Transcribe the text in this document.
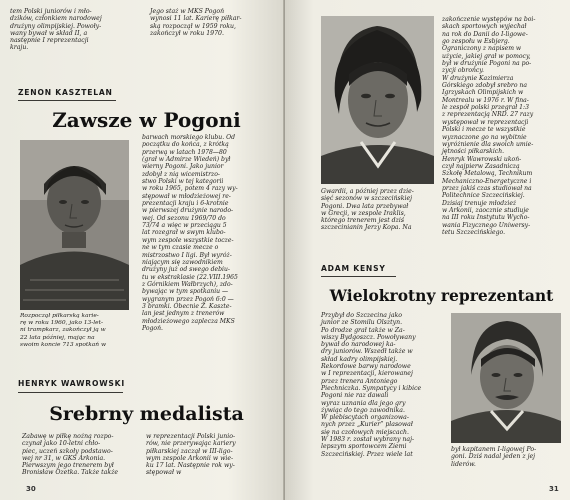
tem Polski juniorów i mło-
dzików, członkiem narodowej
drużyny olimpijskiej. Powoły-
wany bywał w skład II, a
następnie I reprezentacji
kraju.
Jego staż w MKS Pogoń
wynosi 11 lat. Karierę piłkar-
ską rozpoczął w 1959 roku,
zakończył w roku 1970.
ZENON KASZTELAN
Zawsze w Pogoni
Rozpoczął piłkarską karie-
rę w roku 1960, jako 13-let-
ni trampkarz, zakończył ją w
22 lata później, mając na
swoim koncie 713 spotkań w
barwach morskiego klubu. Od
początku do końca, z krótką
przerwą w latach 1978—80
(grał w Admirze Wiedeń) był
wierny Pogoni. Jako junior
zdobył z nią wicemistrzo-
stwo Polski w tej kategorii
w roku 1965, potem 4 razy wy-
stępował w młodzieżowej re-
prezentacji kraju i 6-krotnie
w pierwszej drużynie narodo-
wej. Od sezonu 1969/70 do
73/74 a więc w przeciągu 5
lat rozegrał w swym klubo-
wym zespole wszystkie tocze-
ne w tym czasie mecze o
mistrzostwo I ligi. Był wyróż-
niającym się zawodnikiem
drużyny już od swego debiu-
tu w ekstraklasie (22.VIII.1965
z Górnikiem Wałbrzych), zdo-
bywając w tym spotkaniu —
wygranym przez Pogoń 6:0 —
3 bramki. Obecnie Z. Kaszte-
lan jest jednym z trenerów
młodzieżowego zaplecza MKS
Pogoń.
HENRYK WAWROWSKI
Srebrny medalista
Zabawę w piłkę nożną rozpo-
czynał jako 10-letni chło-
piec, uczeń szkoły podstawo-
wej nr 31, w GKS Arkonia.
Pierwszym jego trenerem był
Bronisław Ozetka. Także także
w reprezentacji Polski junio-
rów, nie przerywając kariery
piłkarskiej zaczął w III-ligo-
wym zespole Arkonii w wie-
ku 17 lat. Następnie rok wy-
stępował w
30
zakończenie występów na boi-
skach sportowych wyjechał
na rok do Danii do I-ligowe-
go zespołu w Esbjerg.
Ograniczony z napisem w
użycie, jakiej grał w pomocy,
był w drużynie Pogoni na po-
zycji obrońcy.
W drużynie Kazimierza
Górskiego zdobył srebro na
Igrzyskach Olimpijskich w
Montrealu w 1976 r. W fina-
le zespół polski przegrał 1:3
z reprezentacją NRD. 27 razy
występował w reprezentacji
Polski i mecze te wszystkie
wyznaczone go na wybitnie
wyróżnienie dla swoich umie-
jętności piłkarskich.
Henryk Wawrowski ukoń-
czył najpierw Zasadniczą
Szkołę Metalową, Technikum
Mechaniczno-Energetyczne i
przez jakiś czas studiował na
Politechnice Szczecińskiej.
Dzisiaj trenuje młodzież
w Arkonii, zaocznie studiuje
na III roku Instytutu Wycho-
wania Fizycznego Uniwersy-
tetu Szczecińskiego.
Gwardii, a później przez dzie-
sięć sezonów w szczecińskiej
Pogoni. Dwa lata przebywał
w Grecji, w zespole Iraklis,
którego trenerem jest dziś
szczecinianin Jerzy Kopa. Na
ADAM KENSY
Wielokrotny reprezentant
Przybył do Szczecina jako
junior ze Stomilu Olsztyn.
Po drodze grał także w Za-
wiszy Bydgoszcz. Powoływany
bywał do narodowej ka-
dry juniorów. Wszedł także w
skład kadry olimpijskiej.
Rekordowe barwy narodowe
w I reprezentacji, kierowanej
przez trenera Antoniego
Piechniczka. Sympatycy i kibice
Pogoni nie raz dawali
wyraz uznania dla jego gry
żywiąc do tego zawodnika.
W plebiscytach organizowa-
nych przez „Kurier” plasował
się na czołowych miejscach.
W 1983 r. został wybrany naj-
lepszym sportowcem Ziemi
Szczecińskiej. Przez wiele lat
był kapitanem I-ligowej Po-
goni. Dziś nadal jeden z jej
liderów.
31
